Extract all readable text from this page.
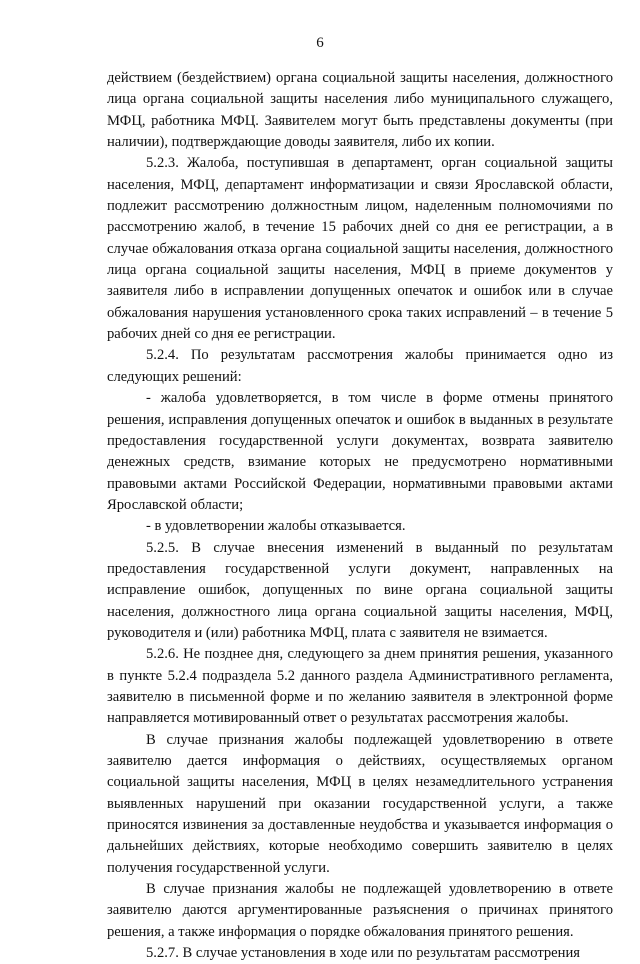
6

действием (бездействием) органа социальной защиты населения, должностного лица органа социальной защиты населения либо муниципального служащего, МФЦ, работника МФЦ. Заявителем могут быть представлены документы (при наличии), подтверждающие доводы заявителя, либо их копии.

5.2.3. Жалоба, поступившая в департамент, орган социальной защиты населения, МФЦ, департамент информатизации и связи Ярославской области, подлежит рассмотрению должностным лицом, наделенным полномочиями по рассмотрению жалоб, в течение 15 рабочих дней со дня ее регистрации, а в случае обжалования отказа органа социальной защиты населения, должностного лица органа социальной защиты населения, МФЦ в приеме документов у заявителя либо в исправлении допущенных опечаток и ошибок или в случае обжалования нарушения установленного срока таких исправлений – в течение 5 рабочих дней со дня ее регистрации.

5.2.4. По результатам рассмотрения жалобы принимается одно из следующих решений:

- жалоба удовлетворяется, в том числе в форме отмены принятого решения, исправления допущенных опечаток и ошибок в выданных в результате предоставления государственной услуги документах, возврата заявителю денежных средств, взимание которых не предусмотрено нормативными правовыми актами Российской Федерации, нормативными правовыми актами Ярославской области;

- в удовлетворении жалобы отказывается.

5.2.5. В случае внесения изменений в выданный по результатам предоставления государственной услуги документ, направленных на исправление ошибок, допущенных по вине органа социальной защиты населения, должностного лица органа социальной защиты населения, МФЦ, руководителя и (или) работника МФЦ, плата с заявителя не взимается.

5.2.6. Не позднее дня, следующего за днем принятия решения, указанного в пункте 5.2.4 подраздела 5.2 данного раздела Административного регламента, заявителю в письменной форме и по желанию заявителя в электронной форме направляется мотивированный ответ о результатах рассмотрения жалобы.

В случае признания жалобы подлежащей удовлетворению в ответе заявителю дается информация о действиях, осуществляемых органом социальной защиты населения, МФЦ в целях незамедлительного устранения выявленных нарушений при оказании государственной услуги, а также приносятся извинения за доставленные неудобства и указывается информация о дальнейших действиях, которые необходимо совершить заявителю в целях получения государственной услуги.

В случае признания жалобы не подлежащей удовлетворению в ответе заявителю даются аргументированные разъяснения о причинах принятого решения, а также информация о порядке обжалования принятого решения.

5.2.7. В случае установления в ходе или по результатам рассмотрения
